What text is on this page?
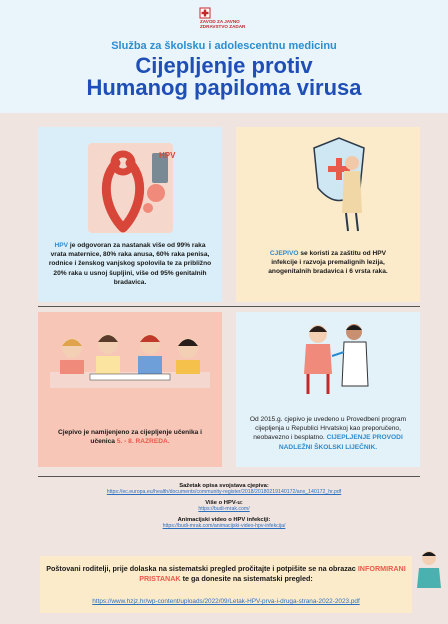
ZAVOD ZA JAVNO
ZDRAVSTVO ZADAR
Služba za školsku i adolescentnu medicinu
Cijepljenje protiv
Humanog papiloma virusa
HPV
HPV je odgovoran za nastanak više od 99% raka vrata maternice, 80% raka anusa, 60% raka penisa, rodnice i ženskog vanjskog spolovila te za približno 20% raka u usnoj šupljini, više od 95% genitalnih bradavica.
CJEPIVO se koristi za zaštitu od HPV infekcije i razvoja premalignih lezija, anogenitalnih bradavica i 6 vrsta raka.
Cjepivo je namijenjeno za cijepljenje učenika i učenica 5. - 8. RAZREDA.
Od 2015.g. cjepivo je uvedeno u Provedbeni program cijepljenja u Republici Hrvatskoj kao preporučeno, neobavezno i besplatno. CIJEPLJENJE PROVODI NADLEŽNI ŠKOLSKI LIJEČNIK.
Sažetak opisa svojstava cjepiva:
https://ec.europa.eu/health/documents/community-register/2018/20180219140172/anx_140172_hr.pdf
Više o HPV-u:
https://budi-mrak.com/
Animacijski video o HPV infekciji:
https://budi-mrak.com/animacijski-video-hpv-infekcija/
Poštovani roditelji, prije dolaska na sistematski pregled pročitajte i potpišite se na obrazac INFORMIRANI PRISTANAK te ga donesite na sistematski pregled:
https://www.hzjz.hr/wp-content/uploads/2022/09/Letak-HPV-prva-i-druga-strana-2022-2023.pdf
